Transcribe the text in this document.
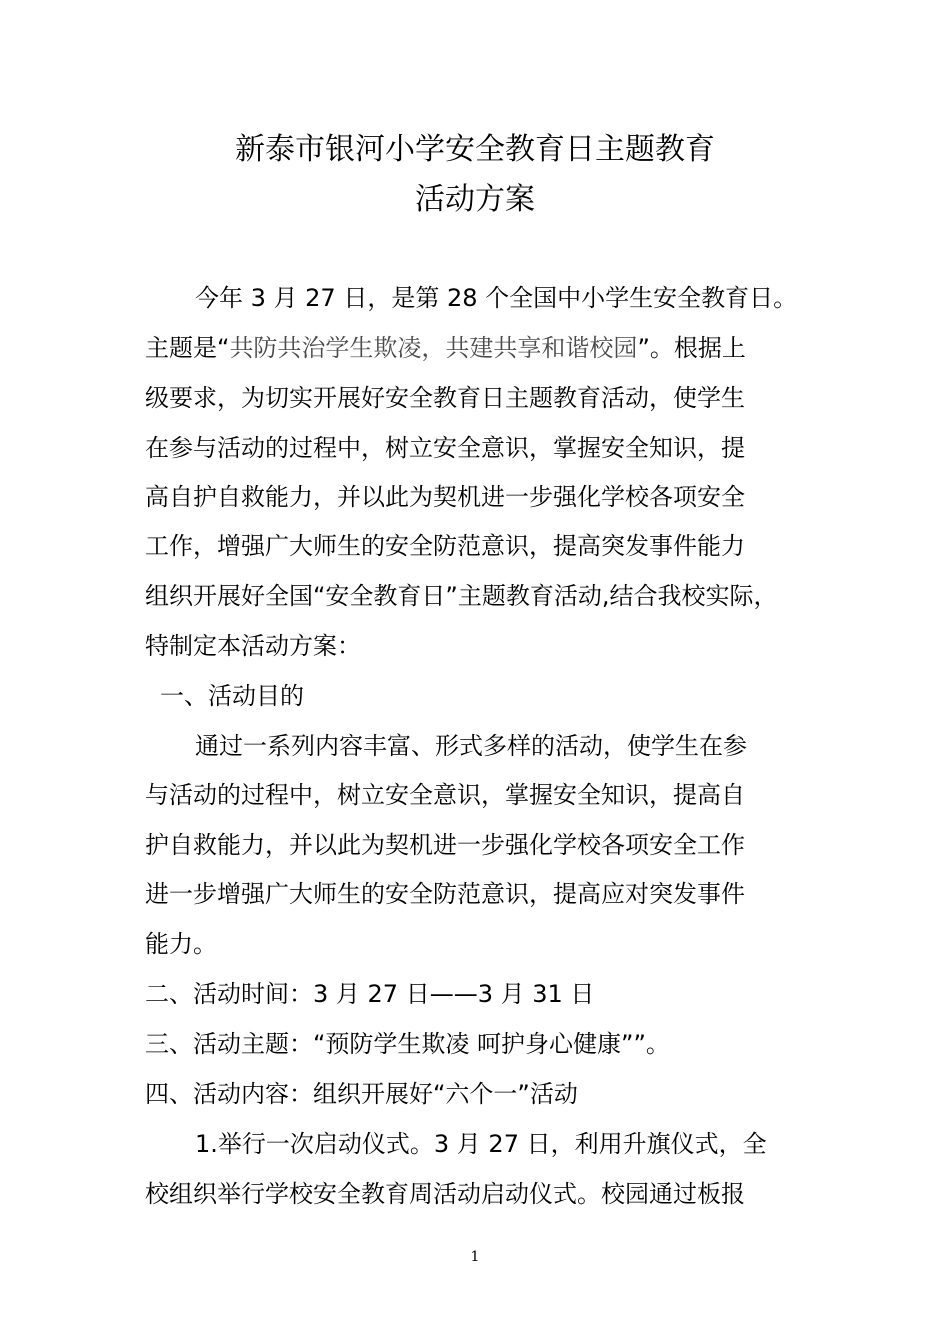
新泰市银河小学安全教育日主题教育
活动方案
今年 3 月 27 日，是第 28 个全国中小学生安全教育日。
主题是“共防共治学生欺凌，共建共享和谐校园”。根据上
级要求，为切实开展好安全教育日主题教育活动，使学生
在参与活动的过程中，树立安全意识，掌握安全知识，提
高自护自救能力，并以此为契机进一步强化学校各项安全
工作，增强广大师生的安全防范意识，提高突发事件能力
组织开展好全国“安全教育日”主题教育活动,结合我校实际，
特制定本活动方案：
一、活动目的
通过一系列内容丰富、形式多样的活动，使学生在参
与活动的过程中，树立安全意识，掌握安全知识，提高自
护自救能力，并以此为契机进一步强化学校各项安全工作
进一步增强广大师生的安全防范意识，提高应对突发事件
能力。
二、活动时间：3 月 27 日——3 月 31 日
三、活动主题：“预防学生欺凌 呵护身心健康””。
四、活动内容：组织开展好“六个一”活动
1.举行一次启动仪式。3 月 27 日，利用升旗仪式，全
校组织举行学校安全教育周活动启动仪式。校园通过板报
1
